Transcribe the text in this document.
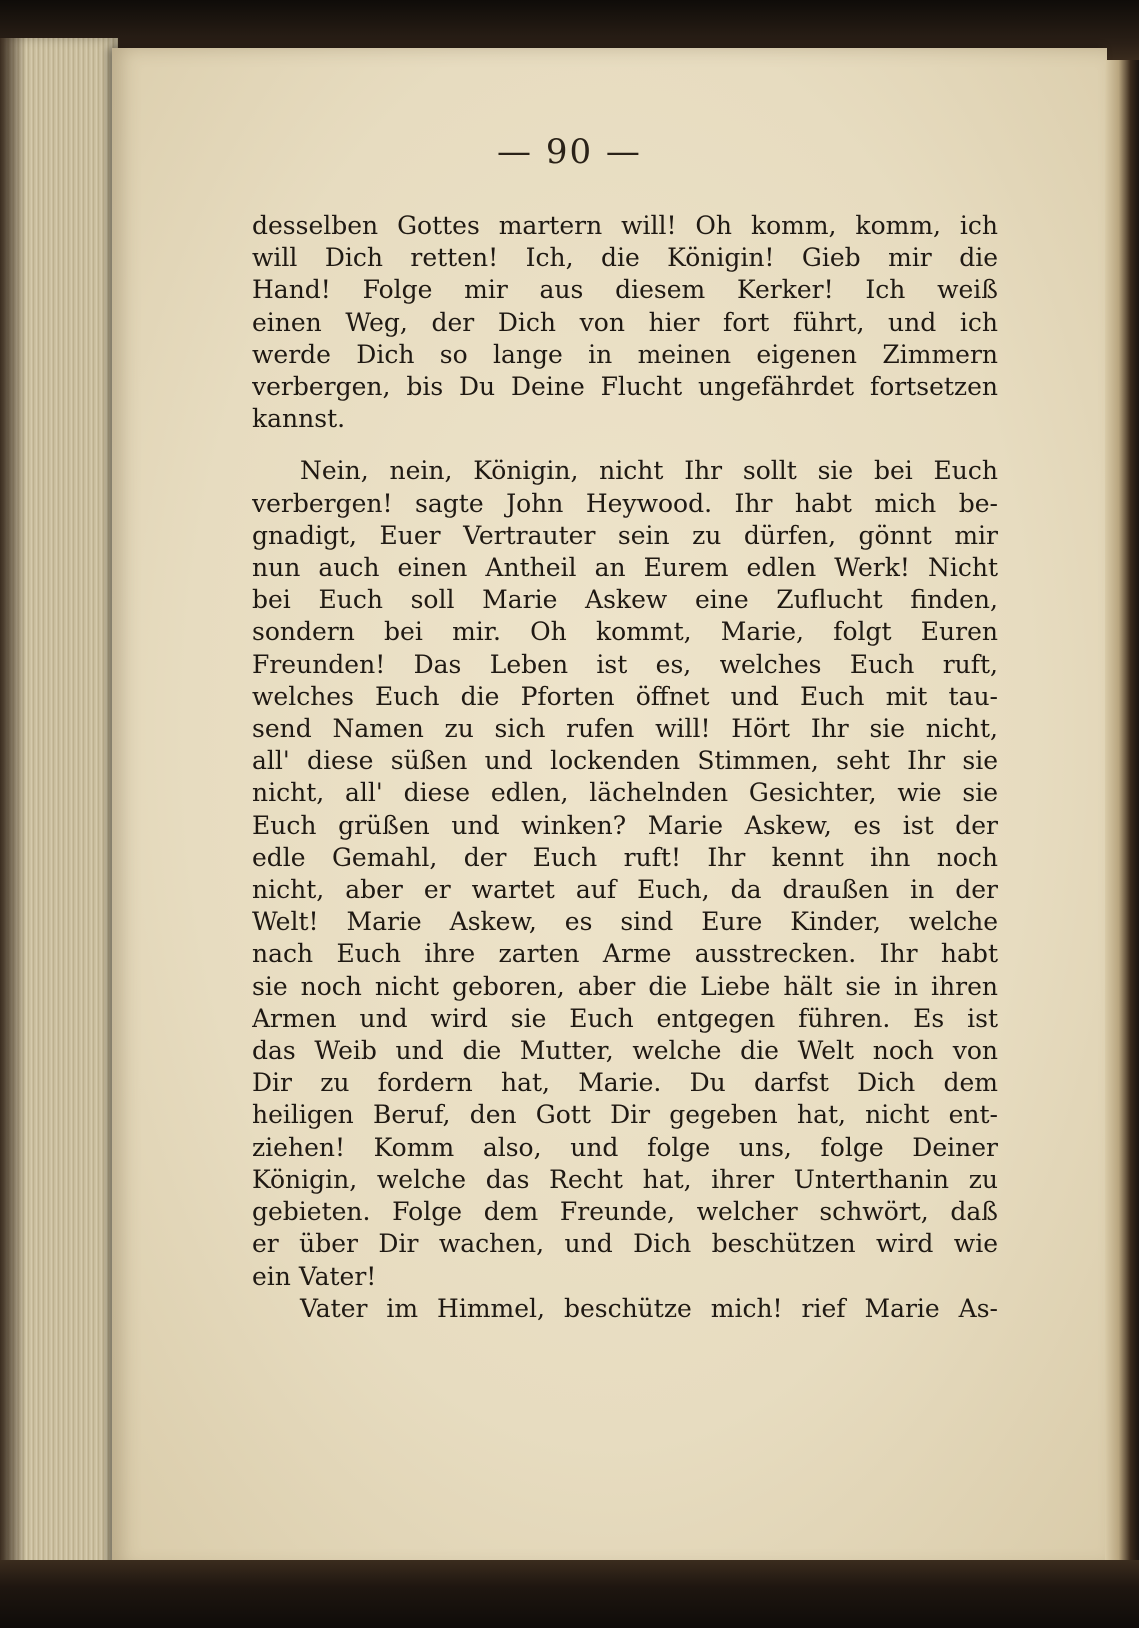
— 90 —
desselben Gottes martern will! Oh komm, komm, ich
will Dich retten! Ich, die Königin! Gieb mir die
Hand! Folge mir aus diesem Kerker! Ich weiß
einen Weg, der Dich von hier fort führt, und ich
werde Dich so lange in meinen eigenen Zimmern
verbergen, bis Du Deine Flucht ungefährdet fortsetzen
kannst.
Nein, nein, Königin, nicht Ihr sollt sie bei Euch
verbergen! sagte John Heywood. Ihr habt mich be-
gnadigt, Euer Vertrauter sein zu dürfen, gönnt mir
nun auch einen Antheil an Eurem edlen Werk! Nicht
bei Euch soll Marie Askew eine Zuflucht finden,
sondern bei mir. Oh kommt, Marie, folgt Euren
Freunden! Das Leben ist es, welches Euch ruft,
welches Euch die Pforten öffnet und Euch mit tau-
send Namen zu sich rufen will! Hört Ihr sie nicht,
all' diese süßen und lockenden Stimmen, seht Ihr sie
nicht, all' diese edlen, lächelnden Gesichter, wie sie
Euch grüßen und winken? Marie Askew, es ist der
edle Gemahl, der Euch ruft! Ihr kennt ihn noch
nicht, aber er wartet auf Euch, da draußen in der
Welt! Marie Askew, es sind Eure Kinder, welche
nach Euch ihre zarten Arme ausstrecken. Ihr habt
sie noch nicht geboren, aber die Liebe hält sie in ihren
Armen und wird sie Euch entgegen führen. Es ist
das Weib und die Mutter, welche die Welt noch von
Dir zu fordern hat, Marie. Du darfst Dich dem
heiligen Beruf, den Gott Dir gegeben hat, nicht ent-
ziehen! Komm also, und folge uns, folge Deiner
Königin, welche das Recht hat, ihrer Unterthanin zu
gebieten. Folge dem Freunde, welcher schwört, daß
er über Dir wachen, und Dich beschützen wird wie
ein Vater!
Vater im Himmel, beschütze mich! rief Marie As-
